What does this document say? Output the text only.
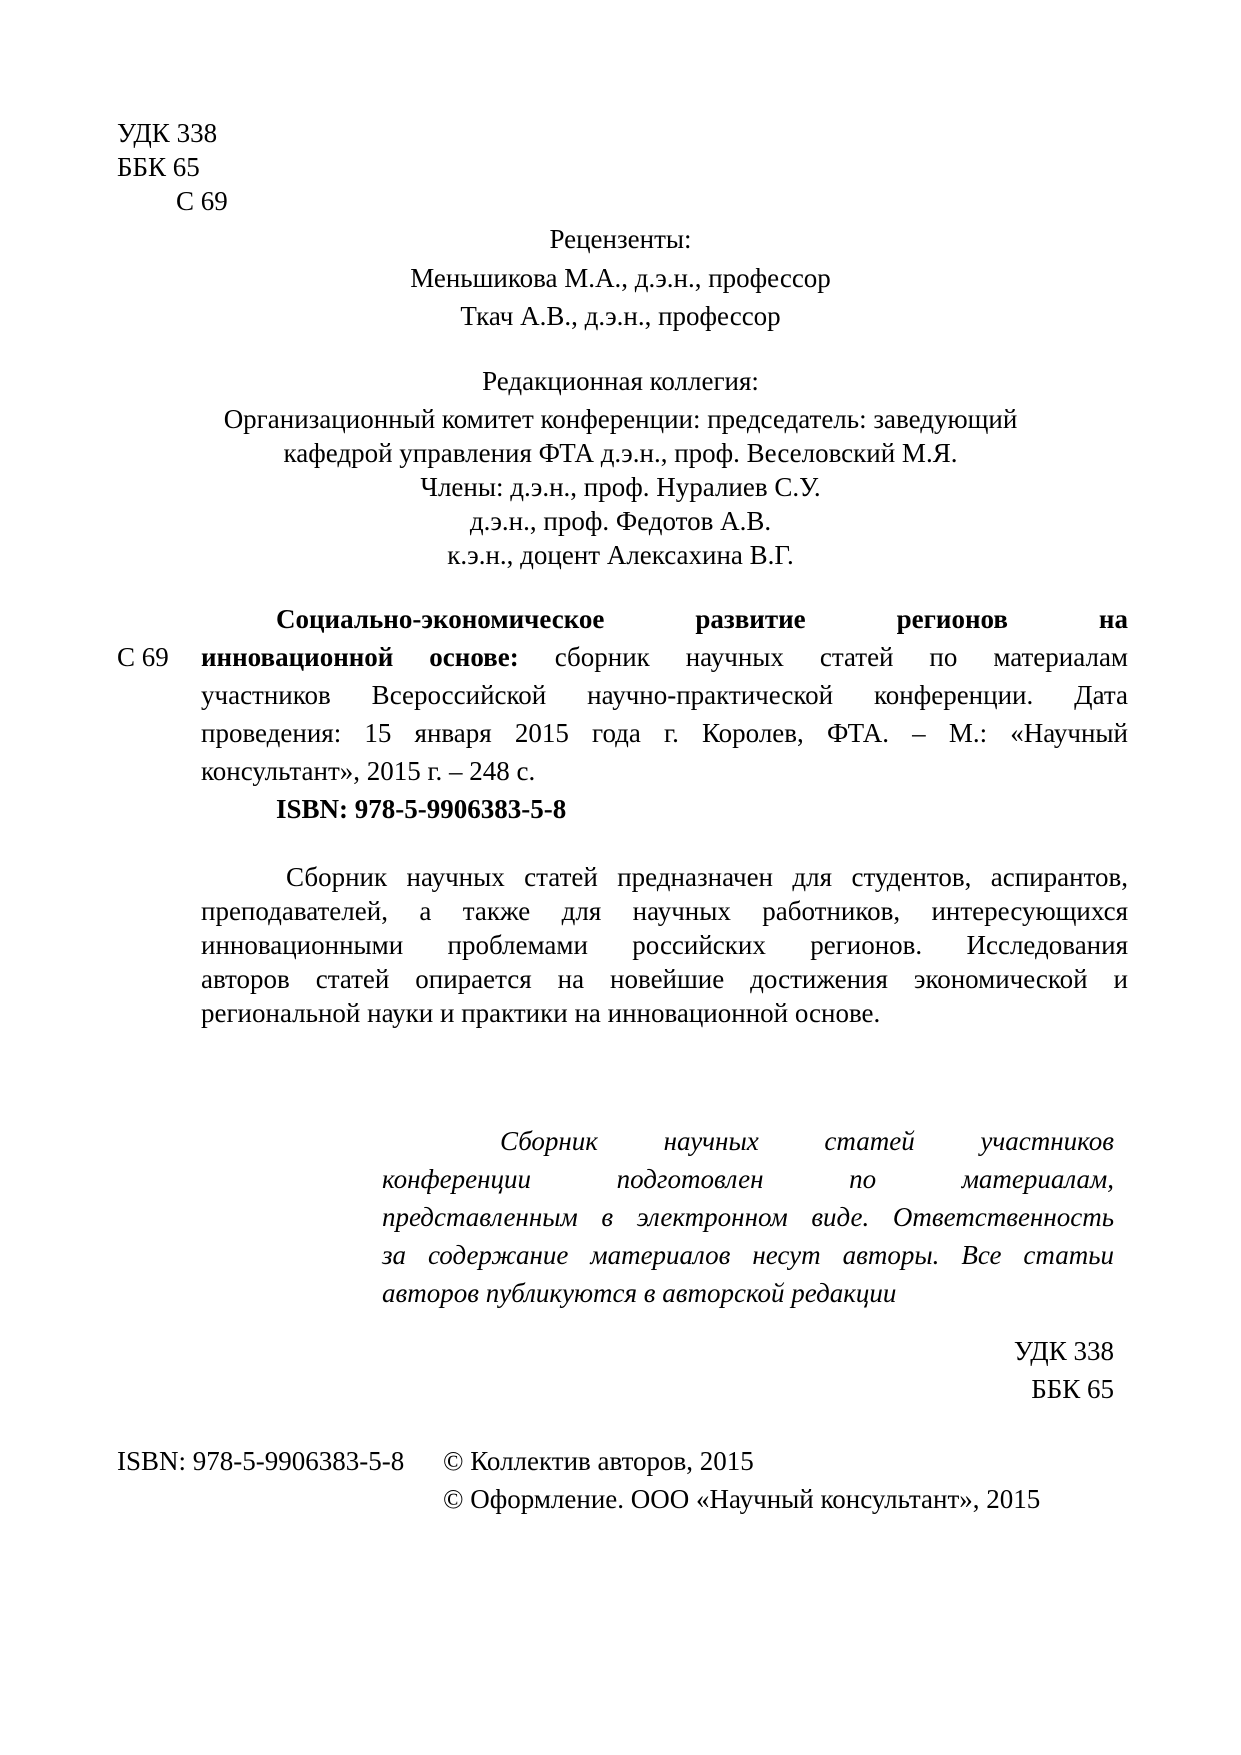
УДК 338
ББК 65
С 69
Рецензенты:
Меньшикова М.А., д.э.н., профессор
Ткач А.В., д.э.н., профессор
Редакционная коллегия:
Организационный комитет конференции: председатель: заведующий
кафедрой управления ФТА д.э.н., проф. Веселовский М.Я.
Члены: д.э.н., проф. Нуралиев С.У.
д.э.н., проф. Федотов А.В.
к.э.н., доцент Алексахина В.Г.
С 69
Социально-экономическое	развитие	регионов	на
инновационной основе: сборник научных статей по материалам
участников Всероссийской научно-практической конференции. Дата
проведения: 15 января 2015 года г. Королев, ФТА. – М.: «Научный
консультант», 2015 г. – 248 с.
ISBN: 978-5-9906383-5-8
Сборник научных статей предназначен для студентов, аспирантов,
преподавателей, а также для научных работников, интересующихся
инновационными проблемами российских регионов. Исследования
авторов статей опирается на новейшие достижения экономической и
региональной науки и практики на инновационной основе.
Сборник научных статей участников
конференции подготовлен по материалам,
представленным в электронном виде. Ответственность
за содержание материалов несут авторы. Все статьи
авторов публикуются в авторской редакции
УДК 338
ББК 65
ISBN: 978-5-9906383-5-8 © Коллектив авторов, 2015
© Оформление. ООО «Научный консультант», 2015
